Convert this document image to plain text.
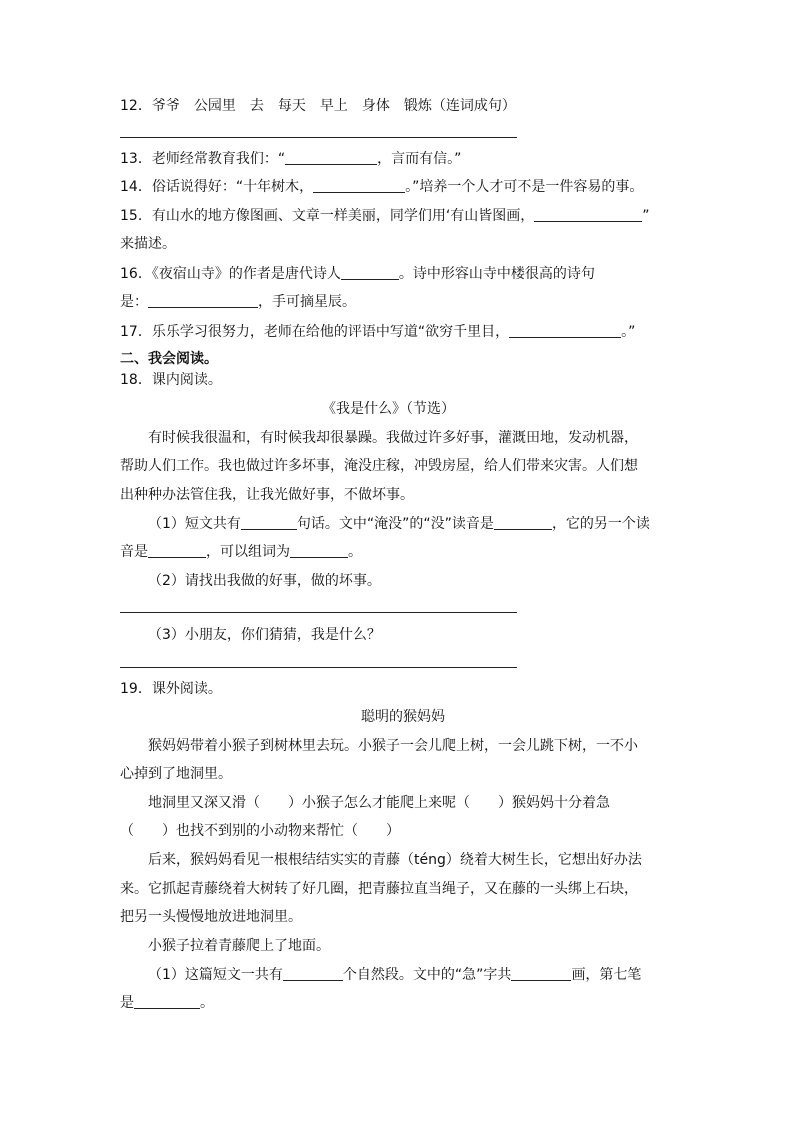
12．爷爷　公园里　去　每天　早上　身体　锻炼（连词成句）
13．老师经常教育我们：“	，言而有信。”
14．俗话说得好：“十年树木，	。”培养一个人才可不是一件容易的事。
15．有山水的地方像图画、文章一样美丽，同学们用‘有山皆图画，	”
来描述。
16．《夜宿山寺》的作者是唐代诗人	。诗中形容山寺中楼很高的诗句
是：	，手可摘星辰。
17．乐乐学习很努力，老师在给他的评语中写道“欲穷千里目，	。”
二、我会阅读。
18．课内阅读。
《我是什么》（节选）
有时候我很温和，有时候我却很暴躁。我做过许多好事，灌溉田地，发动机器，
帮助人们工作。我也做过许多坏事，淹没庄稼，冲毁房屋，给人们带来灾害。人们想
出种种办法管住我，让我光做好事，不做坏事。
（1）短文共有	句话。文中“淹没”的“没”读音是	，它的另一个读
音是	，可以组词为	。
（2）请找出我做的好事，做的坏事。
（3）小朋友，你们猜猜，我是什么？
19．课外阅读。
聪明的猴妈妈
猴妈妈带着小猴子到树林里去玩。小猴子一会儿爬上树，一会儿跳下树，一不小
心掉到了地洞里。
地洞里又深又滑（　　）小猴子怎么才能爬上来呢（　　）猴妈妈十分着急
（　　）也找不到别的小动物来帮忙（　　）
后来，猴妈妈看见一根根结结实实的青藤（téng）绕着大树生长，它想出好办法
来。它抓起青藤绕着大树转了好几圈，把青藤拉直当绳子，又在藤的一头绑上石块，
把另一头慢慢地放进地洞里。
小猴子拉着青藤爬上了地面。
（1）这篇短文一共有	个自然段。文中的“急”字共	画，第七笔
是	。
